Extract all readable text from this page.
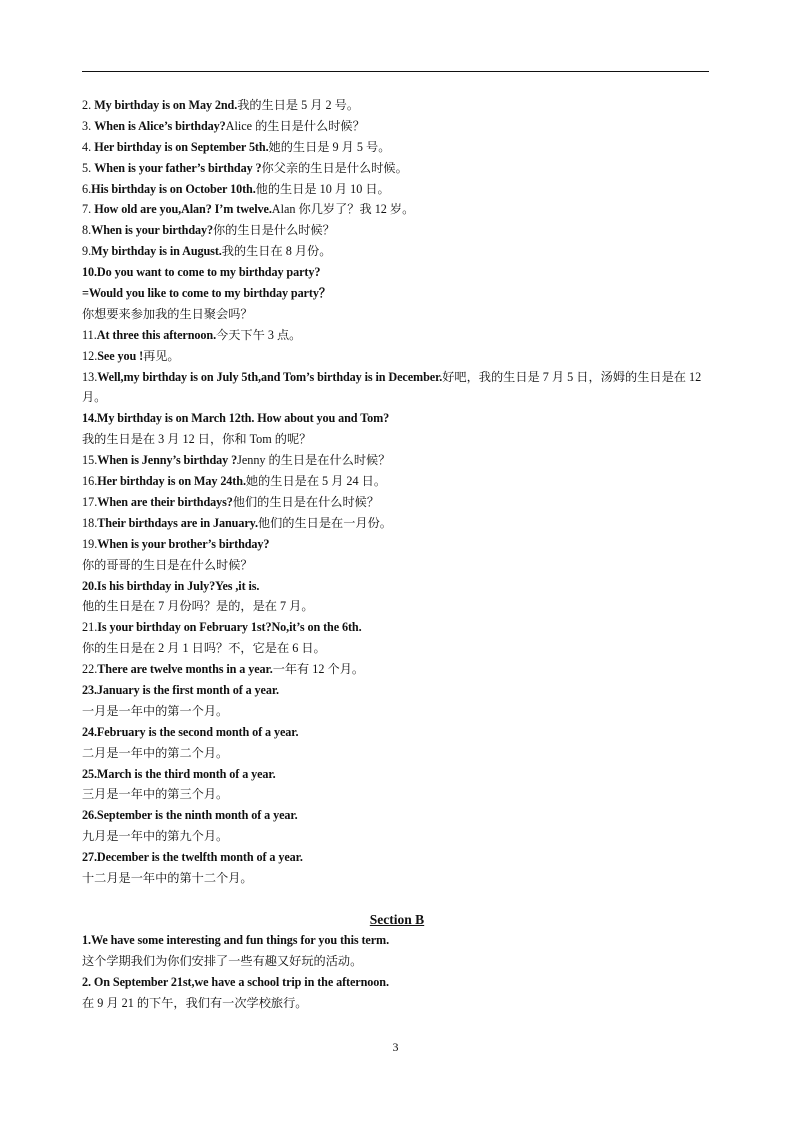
2. My birthday is on May 2nd.我的生日是 5 月 2 号。
3. When is Alice’s birthday?Alice 的生日是什么时候？
4. Her birthday is on September 5th.她的生日是 9 月 5 号。
5. When is your father’s birthday ?你父亲的生日是什么时候。
6.His birthday is on October 10th.他的生日是 10 月 10 日。
7. How old are you,Alan? I’m twelve.Alan 你几岁了？我 12 岁。
8.When is your birthday?你的生日是什么时候？
9.My birthday is in August.我的生日在 8 月份。
10.Do you want to come to my birthday party?
=Would you like to come to my birthday party？
你想要来参加我的生日聚会吗？
11.At three this afternoon.今天下午 3 点。
12.See you !再见。
13.Well,my birthday is on July 5th,and Tom’s birthday is in December.好吧，我的生日是 7 月 5 日，汤姆的生日是在 12 月。
14.My birthday is on March 12th. How about you and Tom?
我的生日是在 3 月 12 日，你和 Tom 的呢？
15.When is Jenny’s birthday ?Jenny 的生日是在什么时候？
16.Her birthday is on May 24th.她的生日是在 5 月 24 日。
17.When are their birthdays?他们的生日是在什么时候？
18.Their birthdays are in January.他们的生日是在一月份。
19.When is your brother’s birthday?
你的哥哥的生日是在什么时候？
20.Is his birthday in July?Yes ,it is.
他的生日是在 7 月份吗？是的，是在 7 月。
21.Is your birthday on February 1st?No,it’s on the 6th.
你的生日是在 2 月 1 日吗？不，它是在 6 日。
22.There are twelve months in a year.一年有 12 个月。
23.January is the first month of a year.
一月是一年中的第一个月。
24.February is the second month of a year.
二月是一年中的第二个月。
25.March is the third month of a year.
三月是一年中的第三个月。
26.September is the ninth month of a year.
九月是一年中的第九个月。
27.December is the twelfth month of a year.
十二月是一年中的第十二个月。
Section B
1.We have some interesting and fun things for you this term.
这个学期我们为你们安排了一些有趣又好玩的活动。
2. On September 21st,we have a school trip in the afternoon.
在 9 月 21 的下午，我们有一次学校旅行。
3
